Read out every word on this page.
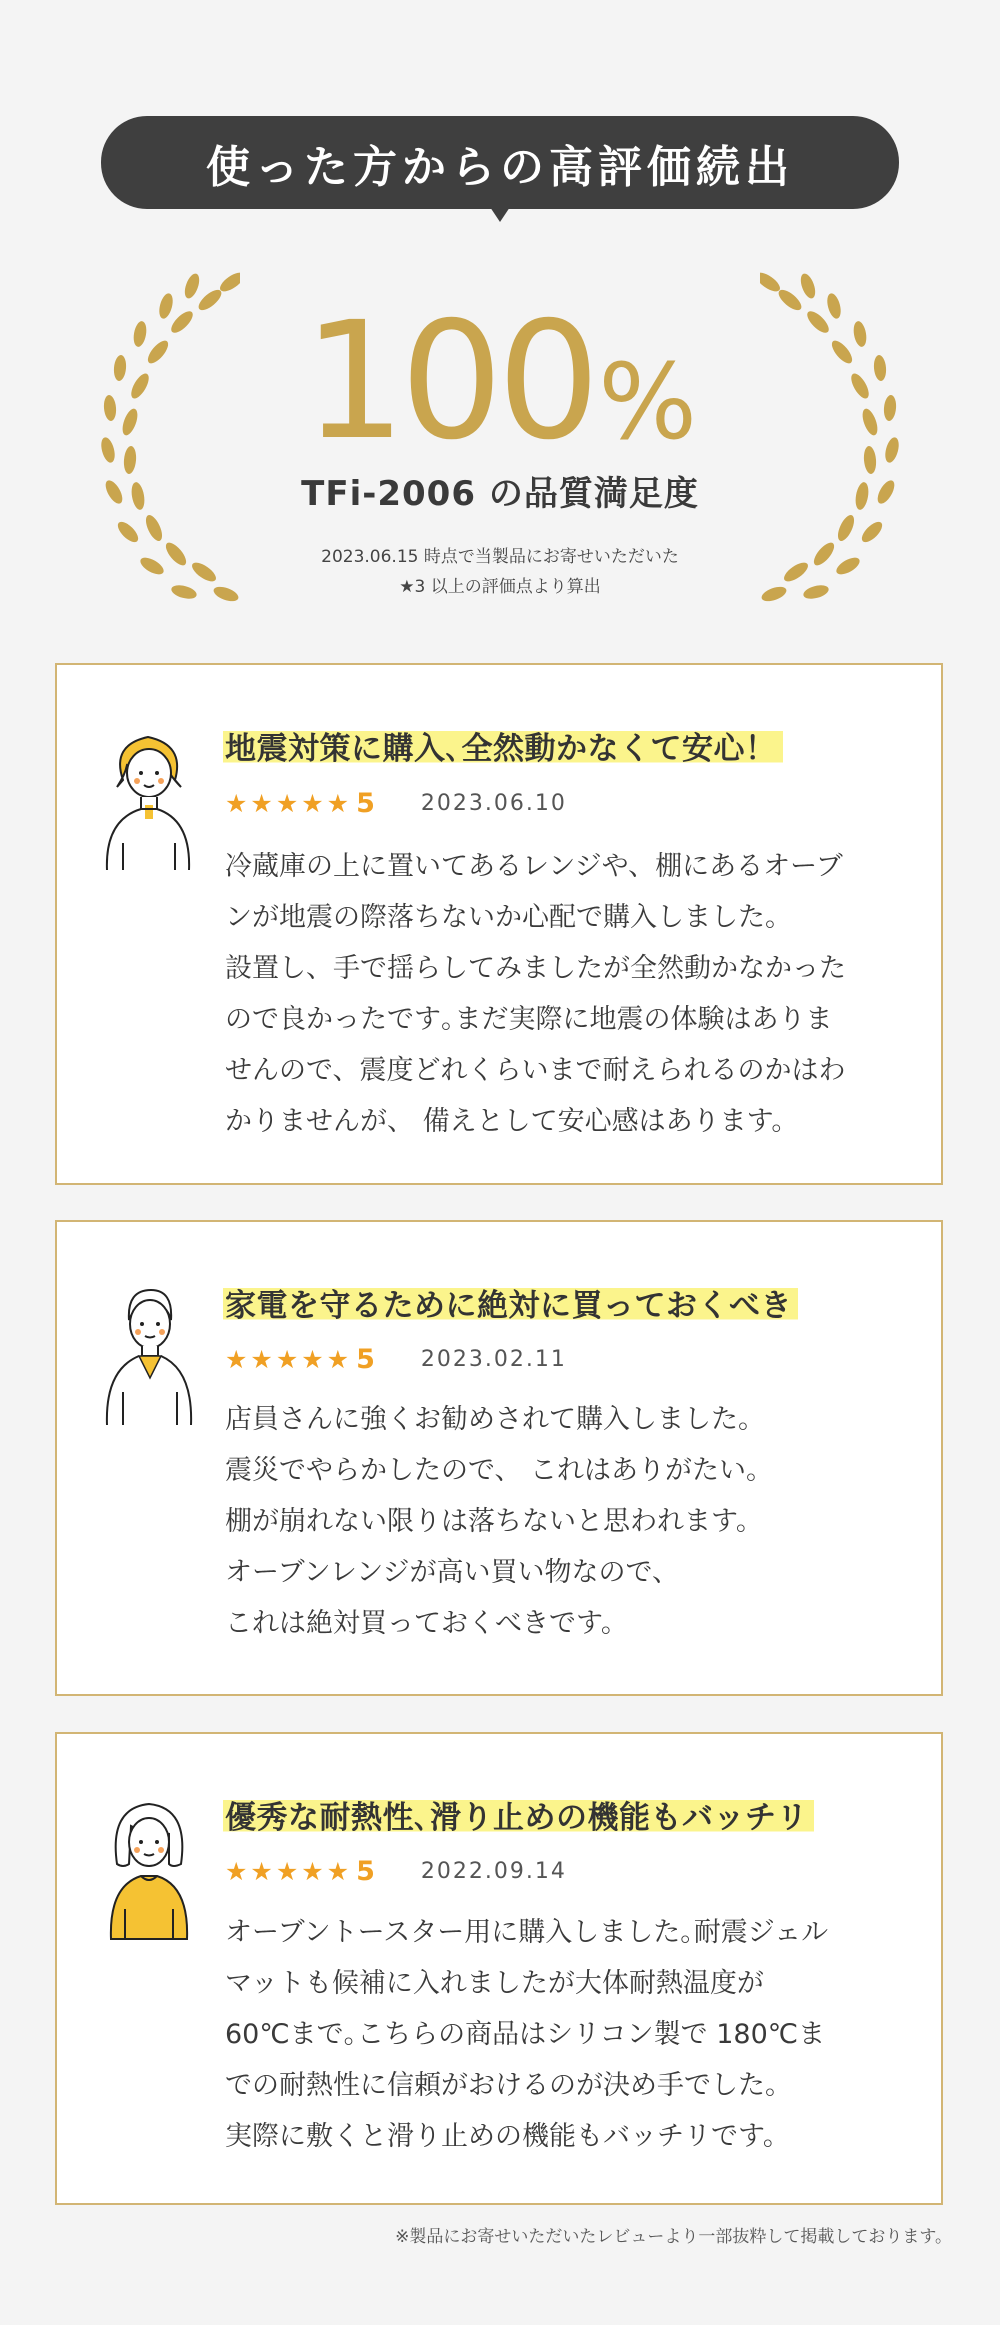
使った方からの高評価続出
100 %
TFi-2006 の品質満足度
2023.06.15 時点で当製品にお寄せいただいた
★3 以上の評価点より算出
地震対策に購入､全然動かなくて安心！
★★★★★ 5 2023.06.10
冷蔵庫の上に置いてあるレンジや、棚にあるオーブ
ンが地震の際落ちないか心配で購入しました。
設置し、手で揺らしてみましたが全然動かなかった
ので良かったです｡まだ実際に地震の体験はありま
せんので、震度どれくらいまで耐えられるのかはわ
かりませんが、 備えとして安心感はあります。
家電を守るために絶対に買っておくべき
★★★★★ 5 2023.02.11
店員さんに強くお勧めされて購入しました。
震災でやらかしたので、 これはありがたい。
棚が崩れない限りは落ちないと思われます。
オーブンレンジが高い買い物なので、
これは絶対買っておくべきです。
優秀な耐熱性､滑り止めの機能もバッチリ
★★★★★ 5 2022.09.14
オーブントースター用に購入しました｡耐震ジェル
マットも候補に入れましたが大体耐熱温度が
60℃まで｡こちらの商品はシリコン製で 180℃ま
での耐熱性に信頼がおけるのが決め手でした。
実際に敷くと滑り止めの機能もバッチリです。
※製品にお寄せいただいたレビューより一部抜粋して掲載しております。
